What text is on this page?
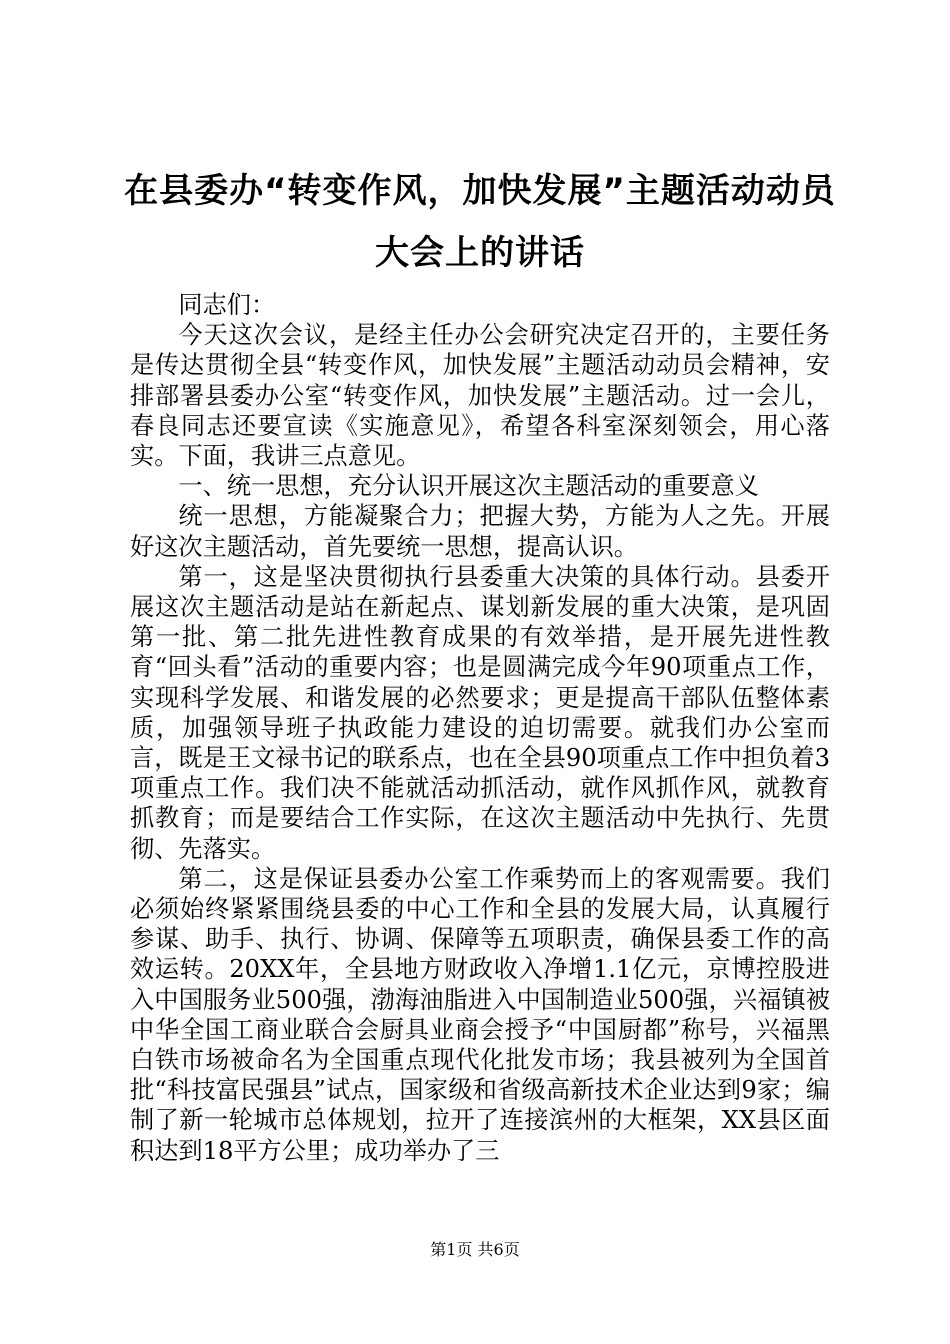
在县委办“转变作风，加快发展”主题活动动员大会上的讲话

同志们：

今天这次会议，是经主任办公会研究决定召开的，主要任务是传达贯彻全县“转变作风，加快发展”主题活动动员会精神，安排部署县委办公室“转变作风，加快发展”主题活动。过一会儿，春良同志还要宣读《实施意见》，希望各科室深刻领会，用心落实。下面，我讲三点意见。

一、统一思想，充分认识开展这次主题活动的重要意义

统一思想，方能凝聚合力；把握大势，方能为人之先。开展好这次主题活动，首先要统一思想，提高认识。

第一，这是坚决贯彻执行县委重大决策的具体行动。县委开展这次主题活动是站在新起点、谋划新发展的重大决策，是巩固第一批、第二批先进性教育成果的有效举措，是开展先进性教育“回头看”活动的重要内容；也是圆满完成今年90项重点工作，实现科学发展、和谐发展的必然要求；更是提高干部队伍整体素质，加强领导班子执政能力建设的迫切需要。就我们办公室而言，既是王文禄书记的联系点，也在全县90项重点工作中担负着3项重点工作。我们决不能就活动抓活动，就作风抓作风，就教育抓教育；而是要结合工作实际，在这次主题活动中先执行、先贯彻、先落实。

第二，这是保证县委办公室工作乘势而上的客观需要。我们必须始终紧紧围绕县委的中心工作和全县的发展大局，认真履行参谋、助手、执行、协调、保障等五项职责，确保县委工作的高效运转。20XX年，全县地方财政收入净增1.1亿元，京博控股进入中国服务业500强，渤海油脂进入中国制造业500强，兴福镇被中华全国工商业联合会厨具业商会授予“中国厨都”称号，兴福黑白铁市场被命名为全国重点现代化批发市场；我县被列为全国首批“科技富民强县”试点，国家级和省级高新技术企业达到9家；编制了新一轮城市总体规划，拉开了连接滨州的大框架，XX县区面积达到18平方公里；成功举办了三

第1页 共6页
